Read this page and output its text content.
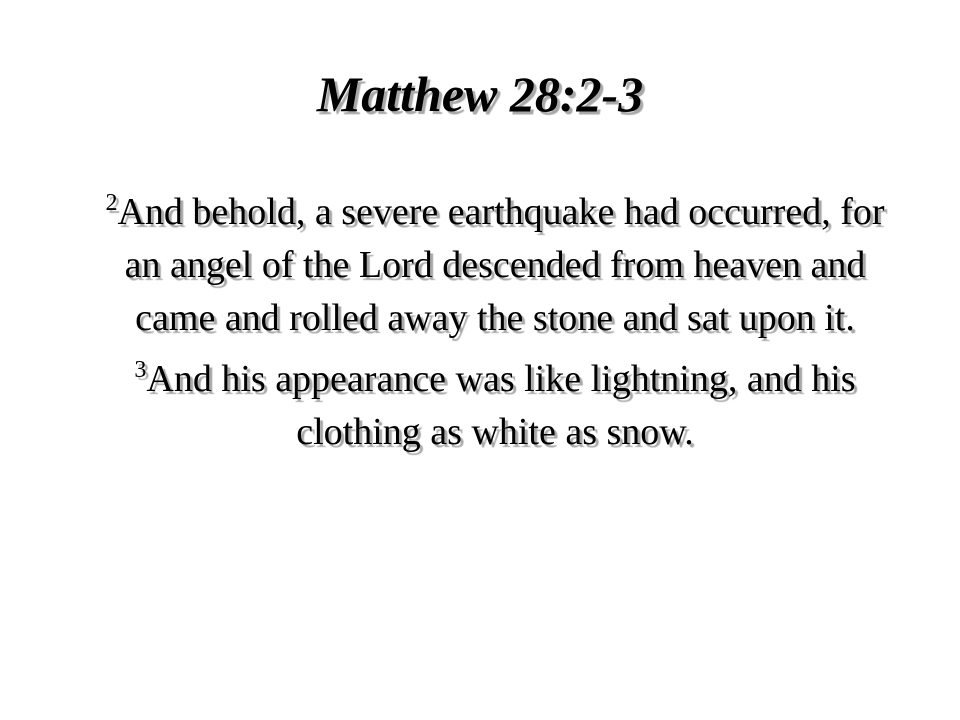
Matthew 28:2-3

$^2$And behold, a severe earthquake had occurred, for an angel of the Lord descended from heaven and came and rolled away the stone and sat upon it.

$^3$And his appearance was like lightning, and his clothing as white as snow.
